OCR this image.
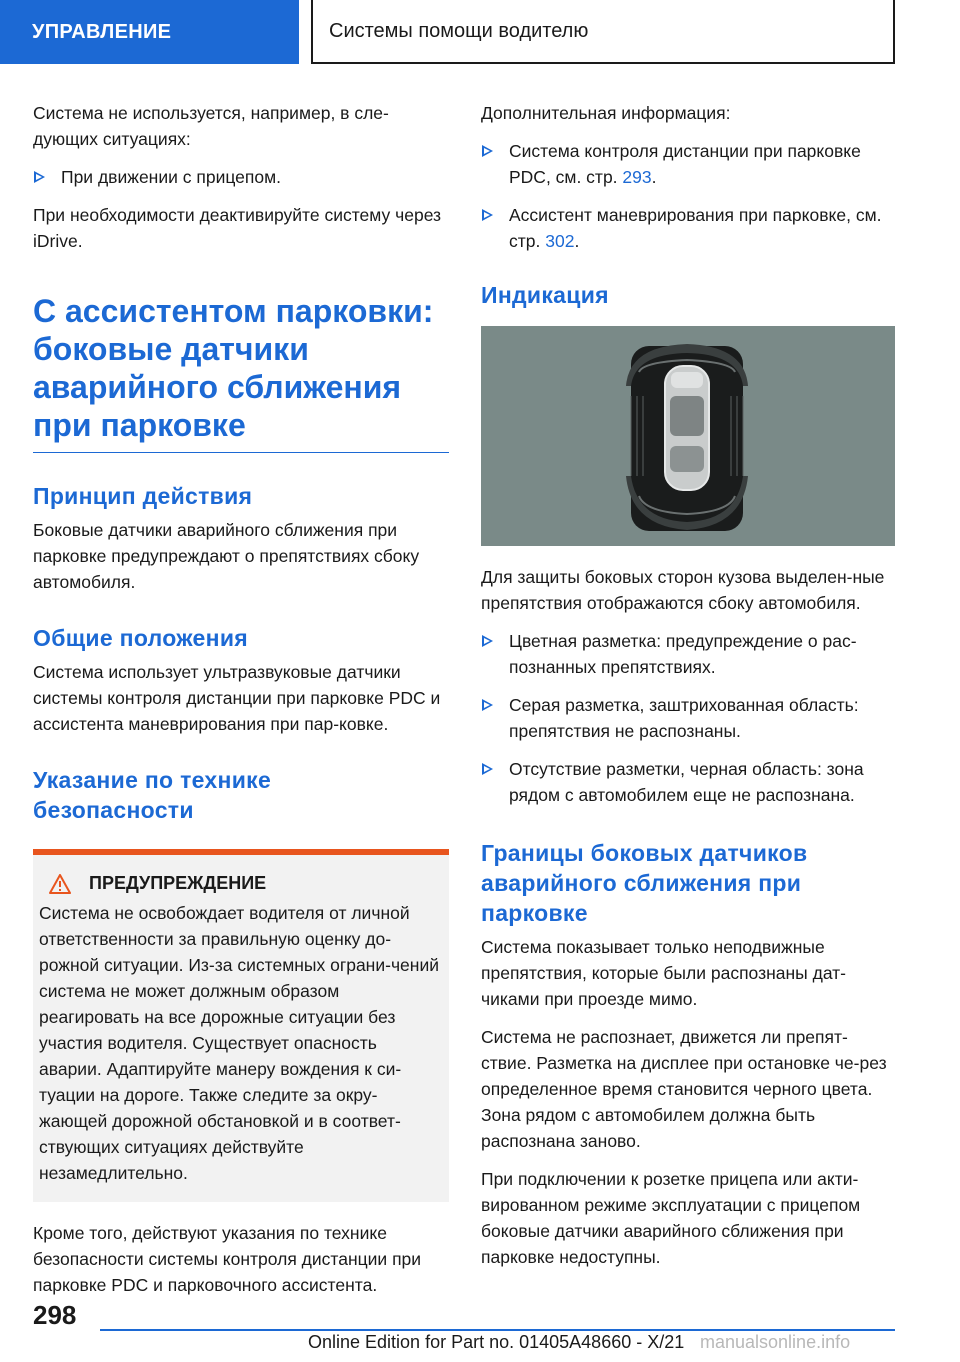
УПРАВЛЕНИЕ	Системы помощи водителю

Система не используется, например, в сле-дующих ситуациях:

При движении с прицепом.

При необходимости деактивируйте систему через iDrive.

С ассистентом парковки:
боковые датчики
аварийного сближения
при парковке
Принцип действия

Боковые датчики аварийного сближения при парковке предупреждают о препятствиях сбоку автомобиля.

Общие положения

Система использует ультразвуковые датчики системы контроля дистанции при парковке PDC и ассистента маневрирования при пар-ковке.

Указание по технике
безопасности
ПРЕДУПРЕЖДЕНИЕ

Система не освобождает водителя от личной ответственности за правильную оценку до-рожной ситуации. Из-за системных ограни-чений система не может должным образом реагировать на все дорожные ситуации без участия водителя. Существует опасность аварии. Адаптируйте манеру вождения к си-туации на дороге. Также следите за окру-жающей дорожной обстановкой и в соответ-ствующих ситуациях действуйте незамедлительно.

Кроме того, действуют указания по технике безопасности системы контроля дистанции при парковке PDC и парковочного ассистента.

Дополнительная информация:

Система контроля дистанции при парковке PDC, см. стр. 293.
Ассистент маневрирования при парковке, см. стр. 302.
Индикация

Для защиты боковых сторон кузова выделен-ные препятствия отображаются сбоку автомобиля.

Цветная разметка: предупреждение о рас-познанных препятствиях.
Серая разметка, заштрихованная область: препятствия не распознаны.
Отсутствие разметки, черная область: зона рядом с автомобилем еще не распознана.
Границы боковых датчиков
аварийного сближения при
парковке

Система показывает только неподвижные препятствия, которые были распознаны дат-чиками при проезде мимо.

Система не распознает, движется ли препят-ствие. Разметка на дисплее при остановке че-рез определенное время становится черного цвета. Зона рядом с автомобилем должна быть распознана заново.

При подключении к розетке прицепа или акти-вированном режиме эксплуатации с прицепом боковые датчики аварийного сближения при парковке недоступны.

298
Online Edition for Part no. 01405A48660 - X/21 manualsonline.info
